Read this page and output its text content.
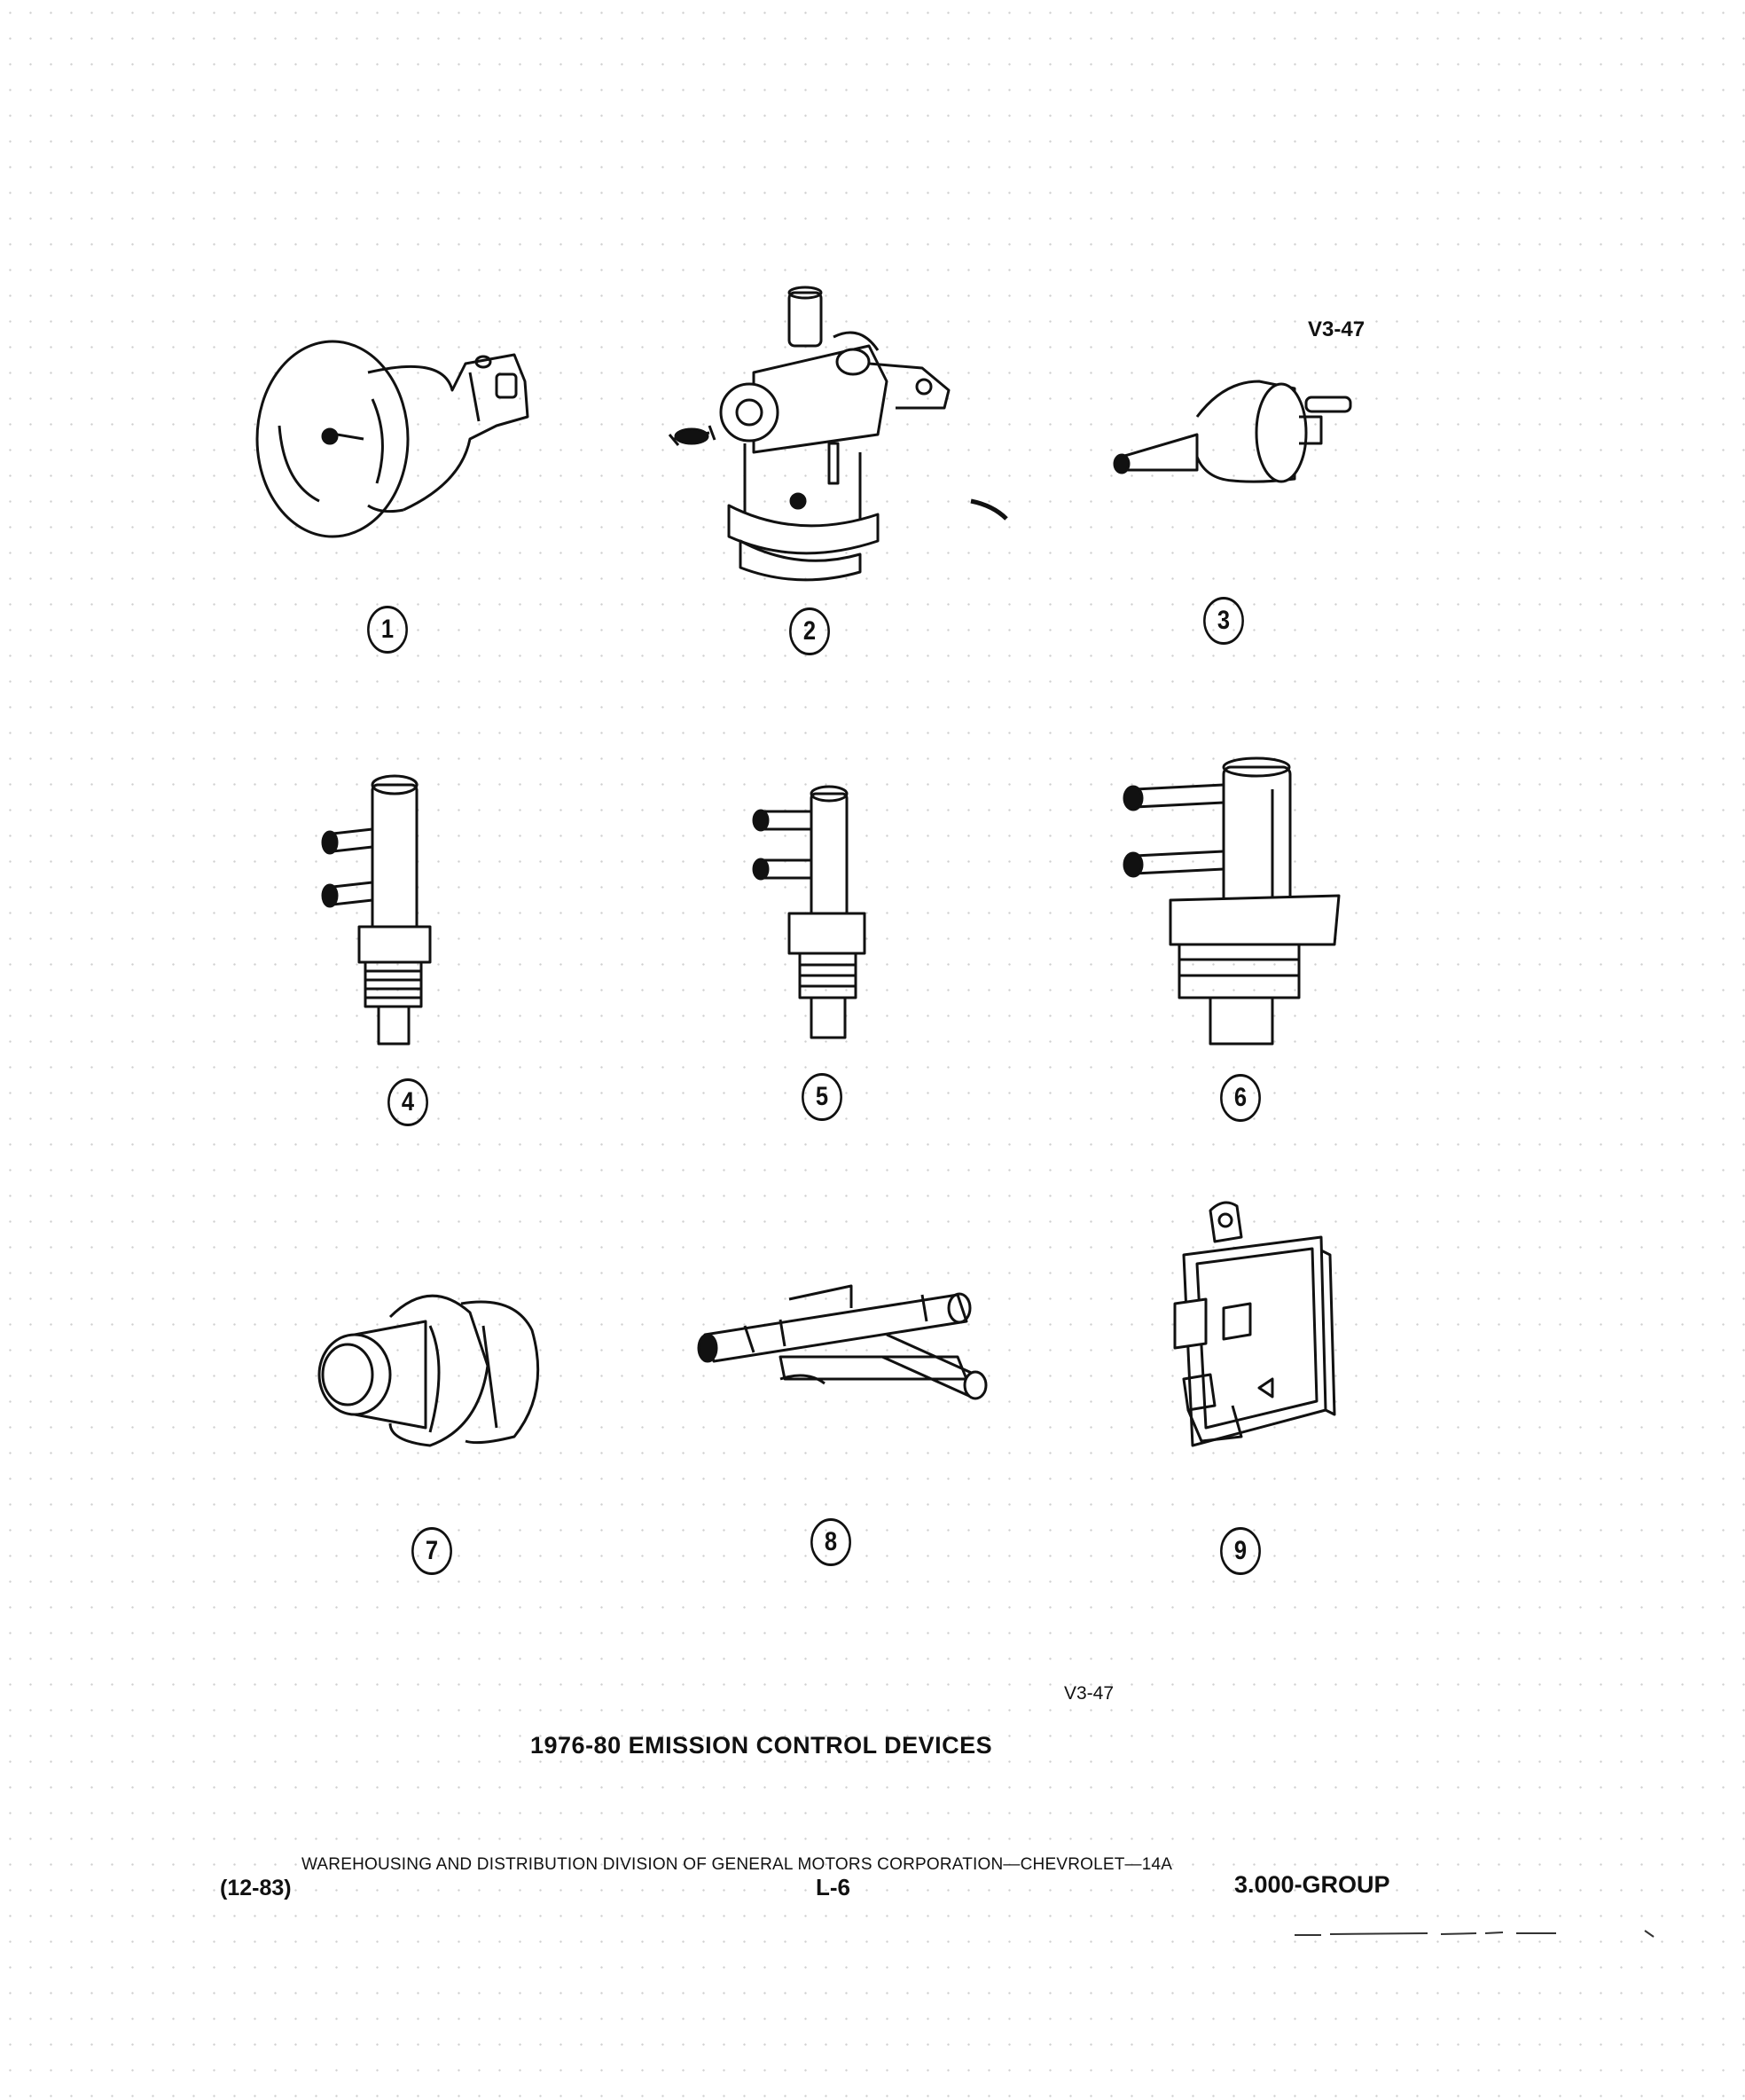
1	2	3
4	5	6
7	8	9
V3-47
V3-47
1976-80 EMISSION CONTROL DEVICES
WAREHOUSING AND DISTRIBUTION DIVISION OF GENERAL MOTORS CORPORATION—CHEVROLET—14A
(12-83)	L-6	3.000-GROUP
